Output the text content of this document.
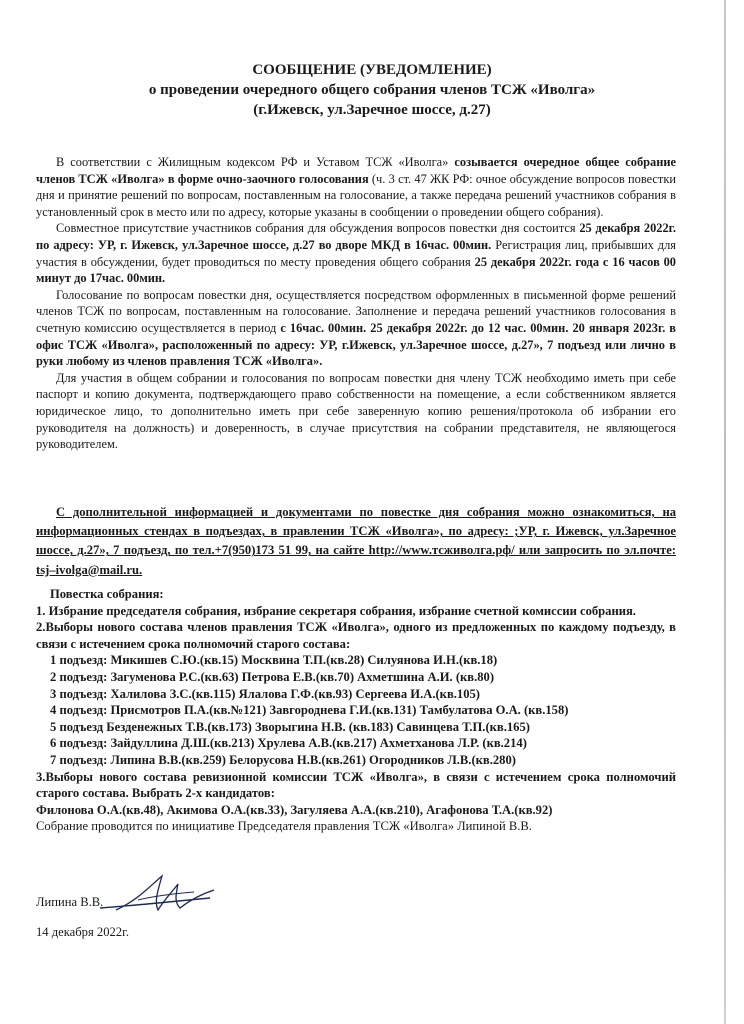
СООБЩЕНИЕ (УВЕДОМЛЕНИЕ)
о проведении очередного общего собрания членов ТСЖ «Иволга»
(г.Ижевск, ул.Заречное шоссе, д.27)

В соответствии с Жилищным кодексом РФ и Уставом ТСЖ «Иволга» созывается очередное общее собрание членов ТСЖ «Иволга» в форме очно-заочного голосования (ч. 3 ст. 47 ЖК РФ: очное обсуждение вопросов повестки дня и принятие решений по вопросам, поставленным на голосование, а также передача решений участников собрания в установленный срок в место или по адресу, которые указаны в сообщении о проведении общего собрания).

Совместное присутствие участников собрания для обсуждения вопросов повестки дня состоится 25 декабря 2022г. по адресу: УР, г. Ижевск, ул.Заречное шоссе, д.27 во дворе МКД в 16час. 00мин. Регистрация лиц, прибывших для участия в обсуждении, будет проводиться по месту проведения общего собрания 25 декабря 2022г. года с 16 часов 00 минут до 17час. 00мин.

Голосование по вопросам повестки дня, осуществляется посредством оформленных в письменной форме решений членов ТСЖ по вопросам, поставленным на голосование. Заполнение и передача решений участников голосования в счетную комиссию осуществляется в период с 16час. 00мин. 25 декабря 2022г. до 12 час. 00мин. 20 января 2023г. в офис ТСЖ «Иволга», расположенный по адресу: УР, г.Ижевск, ул.Заречное шоссе, д.27», 7 подъезд или лично в руки любому из членов правления ТСЖ «Иволга».

Для участия в общем собрании и голосования по вопросам повестки дня члену ТСЖ необходимо иметь при себе паспорт и копию документа, подтверждающего право собственности на помещение, а если собственником является юридическое лицо, то дополнительно иметь при себе заверенную копию решения/протокола об избрании его руководителя на должность) и доверенность, в случае присутствия на собрании представителя, не являющегося руководителем.

С дополнительной информацией и документами по повестке дня собрания можно ознакомиться, на информационных стендах в подъездах, в правлении ТСЖ «Иволга», по адресу: ;УР, г. Ижевск, ул.Заречное шоссе, д.27», 7 подъезд, по тел.+7(950)173 51 99, на сайте http://www.тсживолга.рф/ или запросить по эл.почте: tsj–ivolga@mail.ru.
Повестка собрания:
1. Избрание председателя собрания, избрание секретаря собрания, избрание счетной комиссии собрания.
2.Выборы нового состава членов правления ТСЖ «Иволга», одного из предложенных по каждому подъезду, в связи с истечением срока полномочий старого состава:
1 подъезд: Микишев С.Ю.(кв.15) Москвина Т.П.(кв.28) Силуянова И.Н.(кв.18)
2 подъезд: Загуменова Р.С.(кв.63) Петрова Е.В.(кв.70) Ахметшина А.И. (кв.80)
3 подъезд: Халилова З.С.(кв.115) Ялалова Г.Ф.(кв.93) Сергеева И.А.(кв.105)
4 подъезд: Присмотров П.А.(кв.№121) Завгороднева Г.И.(кв.131) Тамбулатова О.А. (кв.158)
5 подъезд Безденежных Т.В.(кв.173) Зворыгина Н.В. (кв.183) Савинцева Т.П.(кв.165)
6 подъезд: Зайдуллина Д.Ш.(кв.213) Хрулева А.В.(кв.217) Ахметханова Л.Р. (кв.214)
7 подъезд: Липина В.В.(кв.259) Белорусова Н.В.(кв.261) Огородников Л.В.(кв.280)
3.Выборы нового состава ревизионной комиссии ТСЖ «Иволга», в связи с истечением срока полномочий старого состава. Выбрать 2-х кандидатов:
Филонова О.А.(кв.48), Акимова О.А.(кв.33), Загуляева А.А.(кв.210), Агафонова Т.А.(кв.92)
Собрание проводится по инициативе Председателя правления ТСЖ «Иволга» Липиной В.В.
Липина В.В.
14 декабря 2022г.
